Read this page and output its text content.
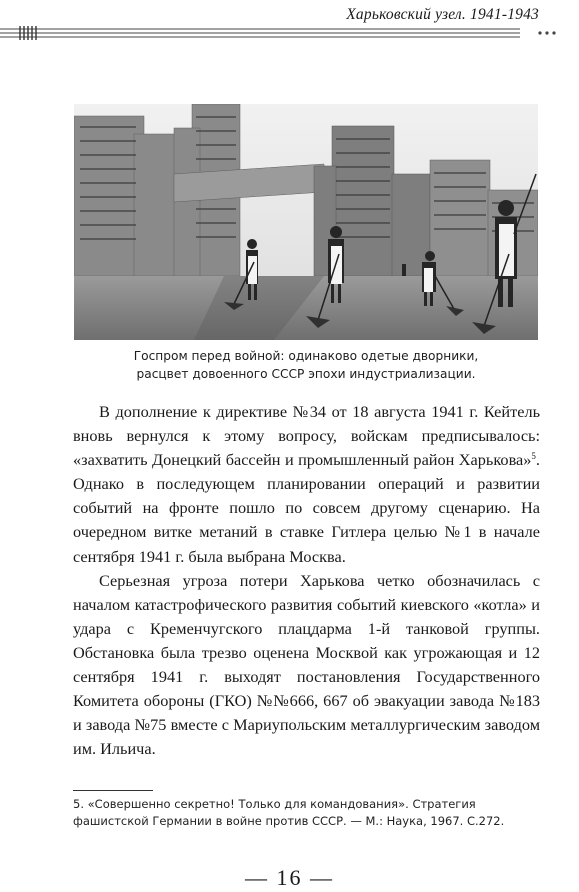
Харьковский узел. 1941-1943
Госпром перед войной: одинаково одетые дворники,
расцвет довоенного СССР эпохи индустриализации.

В дополнение к директиве №34 от 18 августа 1941 г. Кейтель вновь вернулся к этому вопросу, войскам предписывалось: «захватить Донецкий бассейн и промышленный район Харькова»$^5$. Однако в последующем планировании операций и развитии событий на фронте пошло по совсем другому сценарию. На очередном витке метаний в ставке Гитлера целью №1 в начале сентября 1941 г. была выбрана Москва.

Серьезная угроза потери Харькова четко обозначилась с началом катастрофического развития событий киевского «котла» и удара с Кременчугского плацдарма 1-й танковой группы. Обстановка была трезво оценена Москвой как угрожающая и 12 сентября 1941 г. выходят постановления Государственного Комитета обороны (ГКО) №№666, 667 об эвакуации завода №183 и завода №75 вместе с Мариупольским металлургическим заводом им. Ильича.

5. «Совершенно секретно! Только для командования». Стратегия фашистской Германии в войне против СССР. — М.: Наука, 1967. С.272.
— 16 —
